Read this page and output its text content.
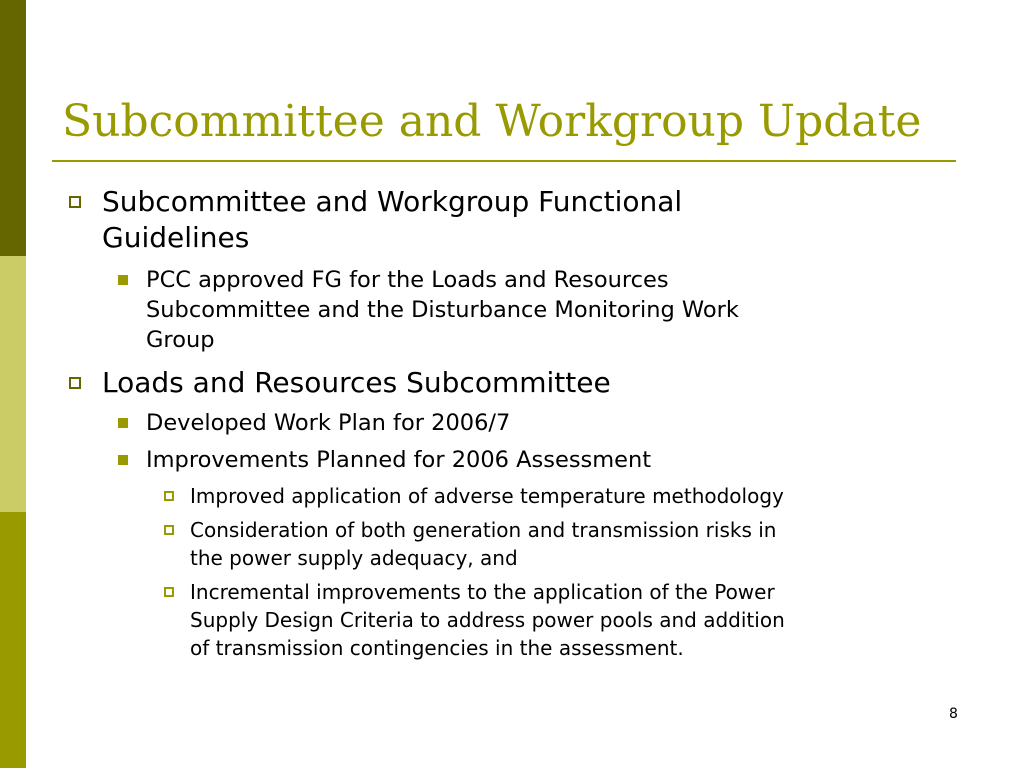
Subcommittee and Workgroup Update
Subcommittee and Workgroup Functional
Guidelines
PCC approved FG for the Loads and Resources
Subcommittee and the Disturbance Monitoring Work
Group
Loads and Resources Subcommittee
Developed Work Plan for 2006/7
Improvements Planned for 2006 Assessment
Improved application of adverse temperature methodology
Consideration of both generation and transmission risks in
the power supply adequacy, and
Incremental improvements to the application of the Power
Supply Design Criteria to address power pools and addition
of transmission contingencies in the assessment.
8
